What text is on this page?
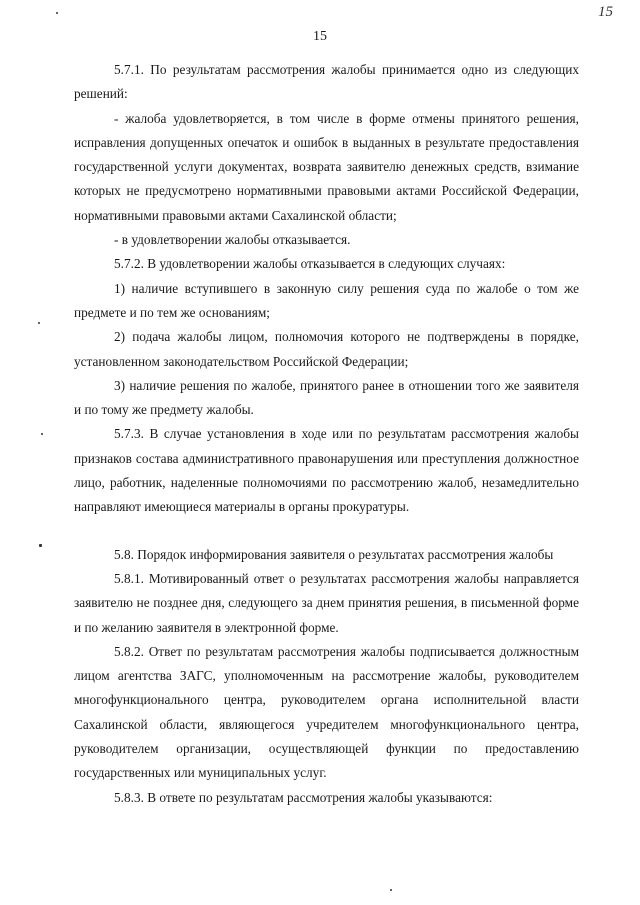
15
15

5.7.1. По результатам рассмотрения жалобы принимается одно из следующих решений:

- жалоба удовлетворяется, в том числе в форме отмены принятого решения, исправления допущенных опечаток и ошибок в выданных в результате предоставления государственной услуги документах, возврата заявителю денежных средств, взимание которых не предусмотрено нормативными правовыми актами Российской Федерации, нормативными правовыми актами Сахалинской области;

- в удовлетворении жалобы отказывается.

5.7.2. В удовлетворении жалобы отказывается в следующих случаях:

1) наличие вступившего в законную силу решения суда по жалобе о том же предмете и по тем же основаниям;

2) подача жалобы лицом, полномочия которого не подтверждены в порядке, установленном законодательством Российской Федерации;

3) наличие решения по жалобе, принятого ранее в отношении того же заявителя и по тому же предмету жалобы.

5.7.3. В случае установления в ходе или по результатам рассмотрения жалобы признаков состава административного правонарушения или преступления должностное лицо, работник, наделенные полномочиями по рассмотрению жалоб, незамедлительно направляют имеющиеся материалы в органы прокуратуры.

5.8. Порядок информирования заявителя о результатах рассмотрения жалобы

5.8.1. Мотивированный ответ о результатах рассмотрения жалобы направляется заявителю не позднее дня, следующего за днем принятия решения, в письменной форме и по желанию заявителя в электронной форме.

5.8.2. Ответ по результатам рассмотрения жалобы подписывается должностным лицом агентства ЗАГС, уполномоченным на рассмотрение жалобы, руководителем многофункционального центра, руководителем органа исполнительной власти Сахалинской области, являющегося учредителем многофункционального центра, руководителем организации, осуществляющей функции по предоставлению государственных или муниципальных услуг.

5.8.3. В ответе по результатам рассмотрения жалобы указываются:
